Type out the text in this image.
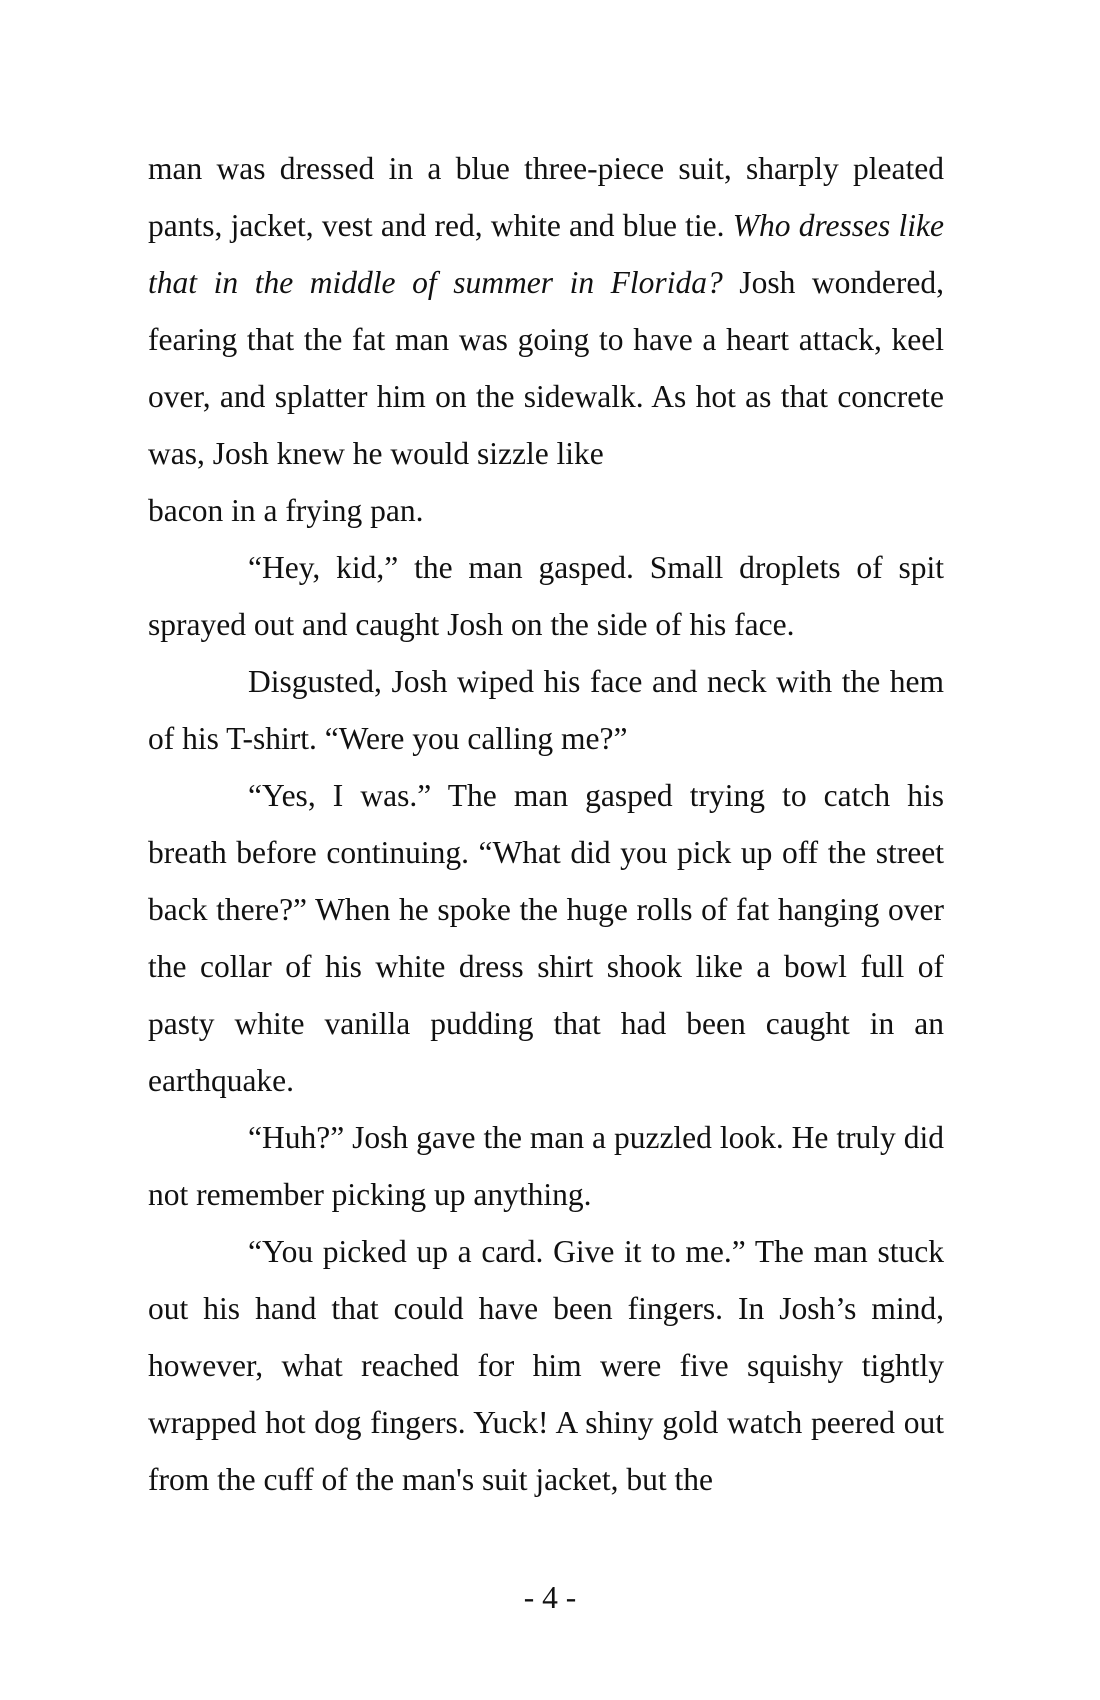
man was dressed in a blue three-piece suit, sharply pleated pants, jacket, vest and red, white and blue tie. Who dresses like that in the middle of summer in Florida? Josh wondered, fearing that the fat man was going to have a heart attack, keel over, and splatter him on the sidewalk. As hot as that concrete was, Josh knew he would sizzle like

bacon in a frying pan.

“Hey, kid,” the man gasped. Small droplets of spit sprayed out and caught Josh on the side of his face.

Disgusted, Josh wiped his face and neck with the hem of his T-shirt. “Were you calling me?”

“Yes, I was.” The man gasped trying to catch his breath before continuing. “What did you pick up off the street back there?” When he spoke the huge rolls of fat hanging over the collar of his white dress shirt shook like a bowl full of pasty white vanilla pudding that had been caught in an earthquake.

“Huh?” Josh gave the man a puzzled look. He truly did not remember picking up anything.

“You picked up a card. Give it to me.” The man stuck out his hand that could have been fingers. In Josh’s mind, however, what reached for him were five squishy tightly wrapped hot dog fingers. Yuck! A shiny gold watch peered out from the cuff of the man's suit jacket, but the

- 4 -
